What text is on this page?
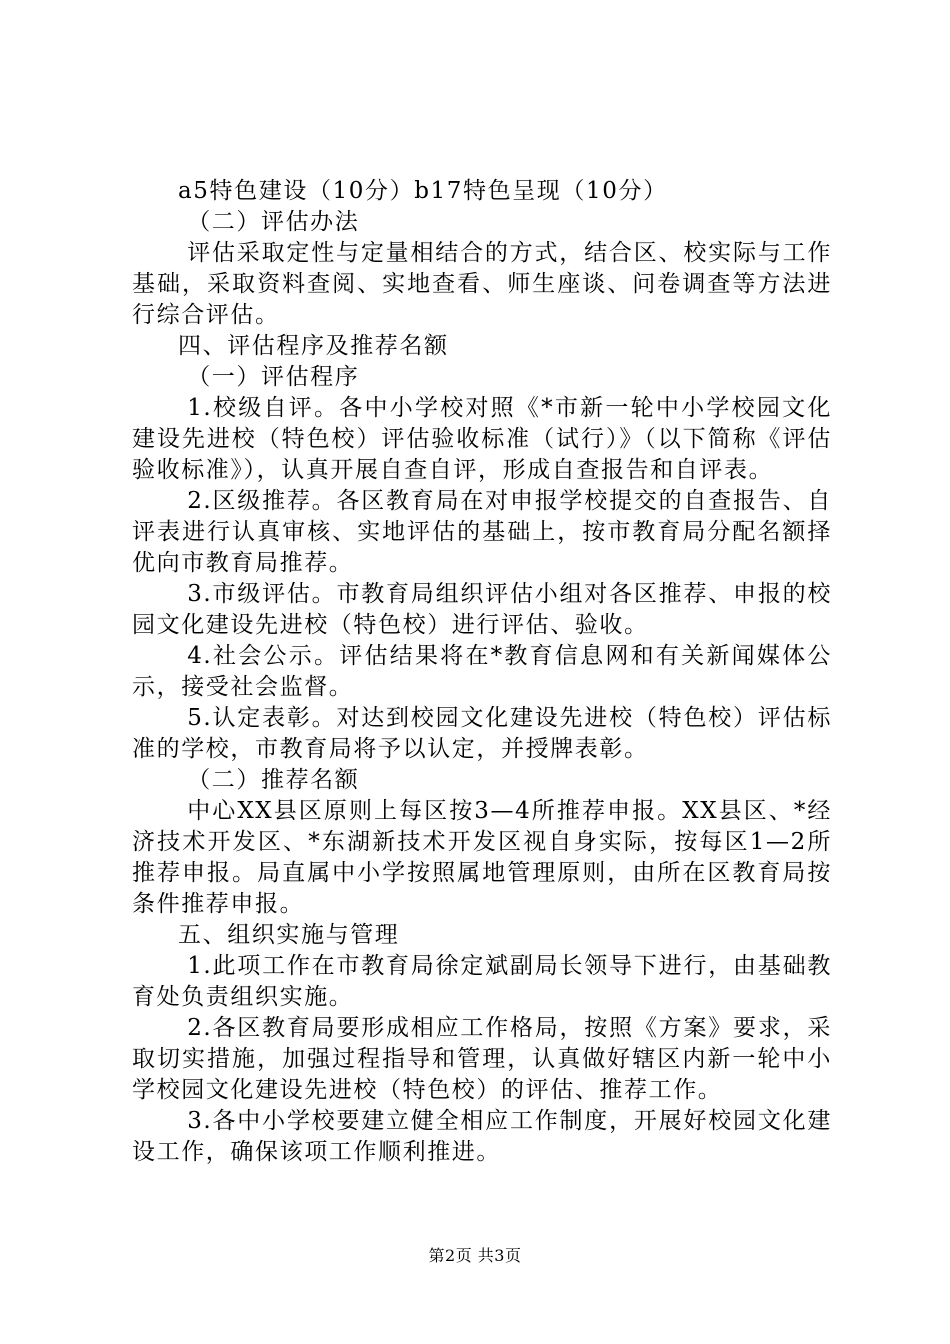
a5特色建设（10分）b17特色呈现（10分）

（二）评估办法

评估采取定性与定量相结合的方式，结合区、校实际与工作基础，采取资料查阅、实地查看、师生座谈、问卷调查等方法进行综合评估。

四、评估程序及推荐名额

（一）评估程序

1.校级自评。各中小学校对照《*市新一轮中小学校园文化建设先进校（特色校）评估验收标准（试行）》（以下简称《评估验收标准》），认真开展自查自评，形成自查报告和自评表。

2.区级推荐。各区教育局在对申报学校提交的自查报告、自评表进行认真审核、实地评估的基础上，按市教育局分配名额择优向市教育局推荐。

3.市级评估。市教育局组织评估小组对各区推荐、申报的校园文化建设先进校（特色校）进行评估、验收。

4.社会公示。评估结果将在*教育信息网和有关新闻媒体公示，接受社会监督。

5.认定表彰。对达到校园文化建设先进校（特色校）评估标准的学校，市教育局将予以认定，并授牌表彰。

（二）推荐名额

中心XX县区原则上每区按3—4所推荐申报。XX县区、*经济技术开发区、*东湖新技术开发区视自身实际，按每区1—2所推荐申报。局直属中小学按照属地管理原则，由所在区教育局按条件推荐申报。

五、组织实施与管理

1.此项工作在市教育局徐定斌副局长领导下进行，由基础教育处负责组织实施。

2.各区教育局要形成相应工作格局，按照《方案》要求，采取切实措施，加强过程指导和管理，认真做好辖区内新一轮中小学校园文化建设先进校（特色校）的评估、推荐工作。

3.各中小学校要建立健全相应工作制度，开展好校园文化建设工作，确保该项工作顺利推进。

第2页 共3页
